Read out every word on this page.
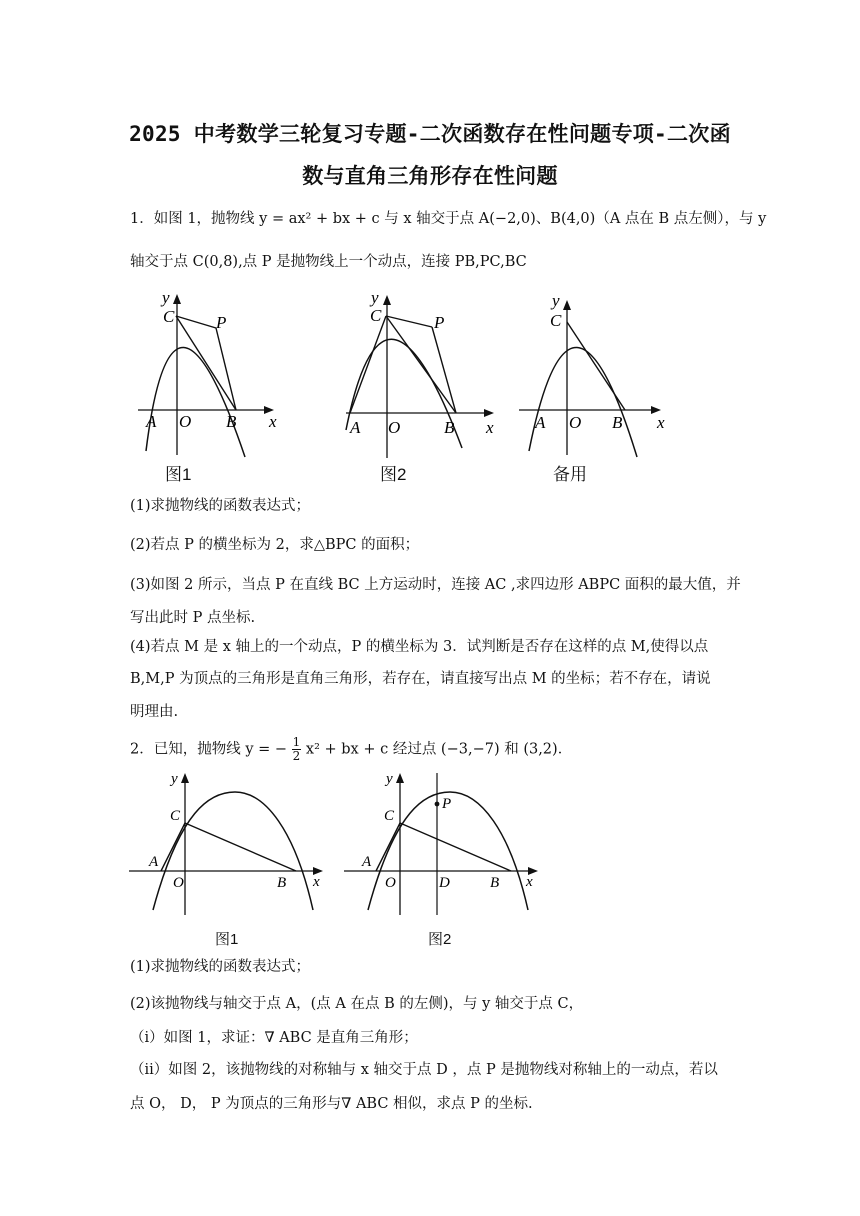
2025 中考数学三轮复习专题-二次函数存在性问题专项-二次函
数与直角三角形存在性问题
1．如图 1，抛物线 y = ax² + bx + c 与 x 轴交于点 A(−2,0)、B(4,0)（A 点在 B 点左侧），与 y
轴交于点 C(0,8),点 P 是抛物线上一个动点，连接 PB,PC,BC
y
C P
A O B x
图1
y
C	P
A O	B x
图2
y
C
A O B x
备用
(1)求抛物线的函数表达式；
(2)若点 P 的横坐标为 2，求△BPC 的面积；
(3)如图 2 所示，当点 P 在直线 BC 上方运动时，连接 AC ,求四边形 ABPC 面积的最大值，并
写出此时 P 点坐标.
(4)若点 M 是 x 轴上的一个动点，P 的横坐标为 3．试判断是否存在这样的点 M,使得以点
B,M,P 为顶点的三角形是直角三角形，若存在，请直接写出点 M 的坐标；若不存在，请说
明理由.
2．已知，抛物线 y = − $\frac{1}{2} x^2$ + bx + c 经过点 (−3,−7) 和 (3,2)．
y
C
A
O	B x
图1
y
C
P
A
O	D	B x
图2
(1)求抛物线的函数表达式；
(2)该抛物线与轴交于点 A，(点 A 在点 B 的左侧)，与 y 轴交于点 C，
（ⅰ）如图 1，求证：∇ ABC 是直角三角形；
（ⅱ）如图 2，该抛物线的对称轴与 x 轴交于点 D ，点 P 是抛物线对称轴上的一动点，若以
点 O， D， P 为顶点的三角形与∇ ABC 相似，求点 P 的坐标.
